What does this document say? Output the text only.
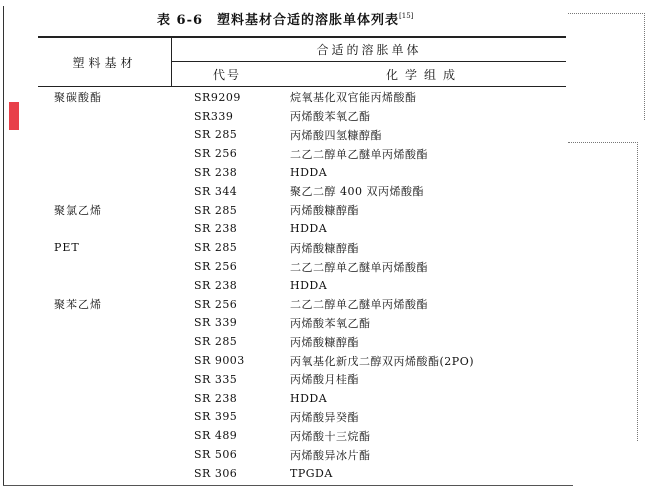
表 6-6 塑料基材合适的溶胀单体列表[15]
塑料基材
合适的溶胀单体
代号	化学组成
聚碳酸酯	SR9209	烷氧基化双官能丙烯酸酯
SR339	丙烯酸苯氧乙酯
SR 285	丙烯酸四氢糠醇酯
SR 256	二乙二醇单乙醚单丙烯酸酯
SR 238	HDDA
SR 344	聚乙二醇 400 双丙烯酸酯
聚氯乙烯	SR 285	丙烯酸糠醇酯
SR 238	HDDA
PET	SR 285	丙烯酸糠醇酯
SR 256	二乙二醇单乙醚单丙烯酸酯
SR 238	HDDA
聚苯乙烯	SR 256	二乙二醇单乙醚单丙烯酸酯
SR 339	丙烯酸苯氧乙酯
SR 285	丙烯酸糠醇酯
SR 9003	丙氧基化新戊二醇双丙烯酸酯(2PO)
SR 335	丙烯酸月桂酯
SR 238	HDDA
SR 395	丙烯酸异癸酯
SR 489	丙烯酸十三烷酯
SR 506	丙烯酸异冰片酯
SR 306	TPGDA
